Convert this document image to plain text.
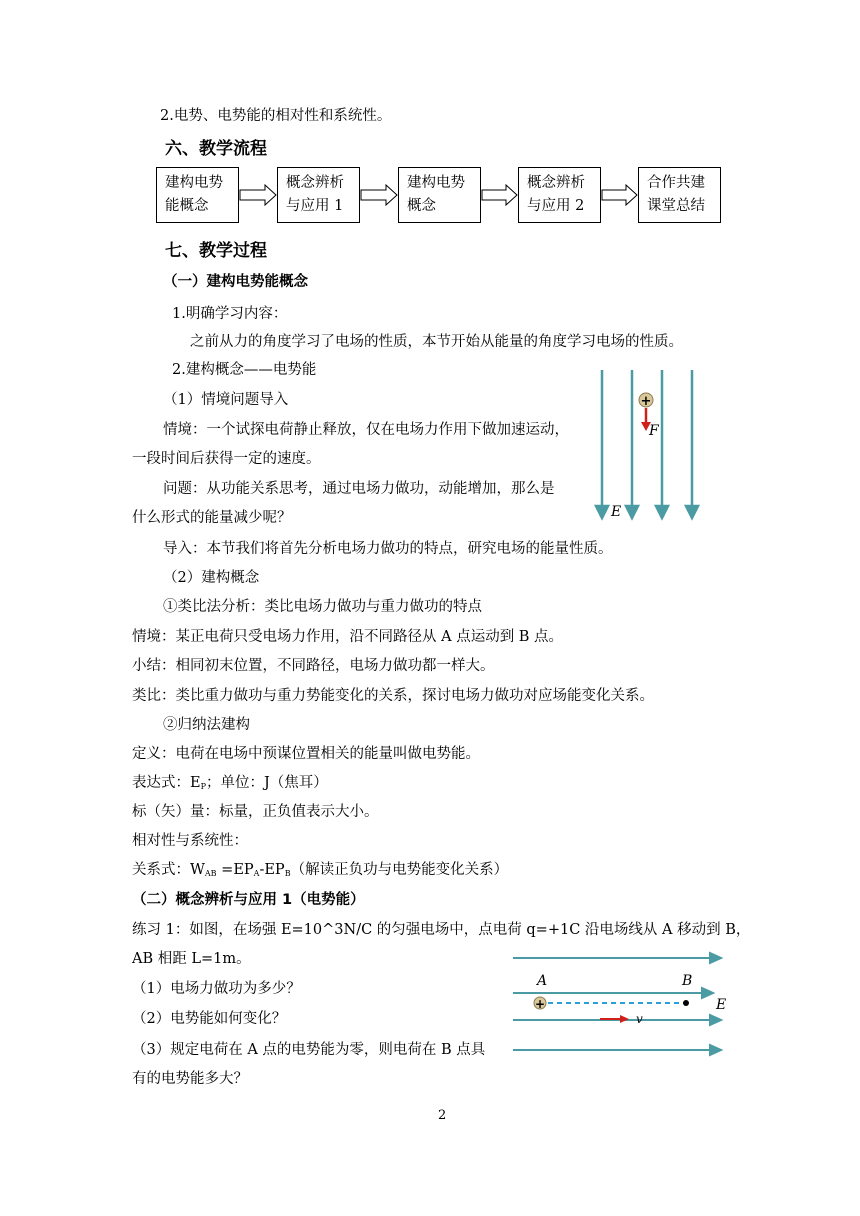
2.电势、电势能的相对性和系统性。
六、教学流程
建构电势
能概念
概念辨析
与应用 1
建构电势
概念
概念辨析
与应用 2
合作共建
课堂总结
七、教学过程
（一）建构电势能概念
1.明确学习内容：
之前从力的角度学习了电场的性质，本节开始从能量的角度学习电场的性质。
2.建构概念——电势能
（1）情境问题导入
情境：一个试探电荷静止释放，仅在电场力作用下做加速运动，
一段时间后获得一定的速度。
问题：从功能关系思考，通过电场力做功，动能增加，那么是
什么形式的能量减少呢？
+
F
E
导入：本节我们将首先分析电场力做功的特点，研究电场的能量性质。
（2）建构概念
①类比法分析：类比电场力做功与重力做功的特点
情境：某正电荷只受电场力作用，沿不同路径从 A 点运动到 B 点。
小结：相同初末位置，不同路径，电场力做功都一样大。
类比：类比重力做功与重力势能变化的关系，探讨电场力做功对应场能变化关系。
②归纳法建构
定义：电荷在电场中预谋位置相关的能量叫做电势能。
表达式：$E_P$；单位：J（焦耳）
标（矢）量：标量，正负值表示大小。
相对性与系统性：
关系式：$W_{AB} =EP_A-EP_B$（解读正负功与电势能变化关系）
（二）概念辨析与应用 1（电势能）
练习 1：如图，在场强 E=10^3N/C 的匀强电场中，点电荷 q=+1C 沿电场线从 A 移动到 B，
AB 相距 L=1m。
（1）电场力做功为多少？
（2）电势能如何变化？
（3）规定电荷在 A 点的电势能为零，则电荷在 B 点具
有的电势能多大？
+
A	B
E
v
2
